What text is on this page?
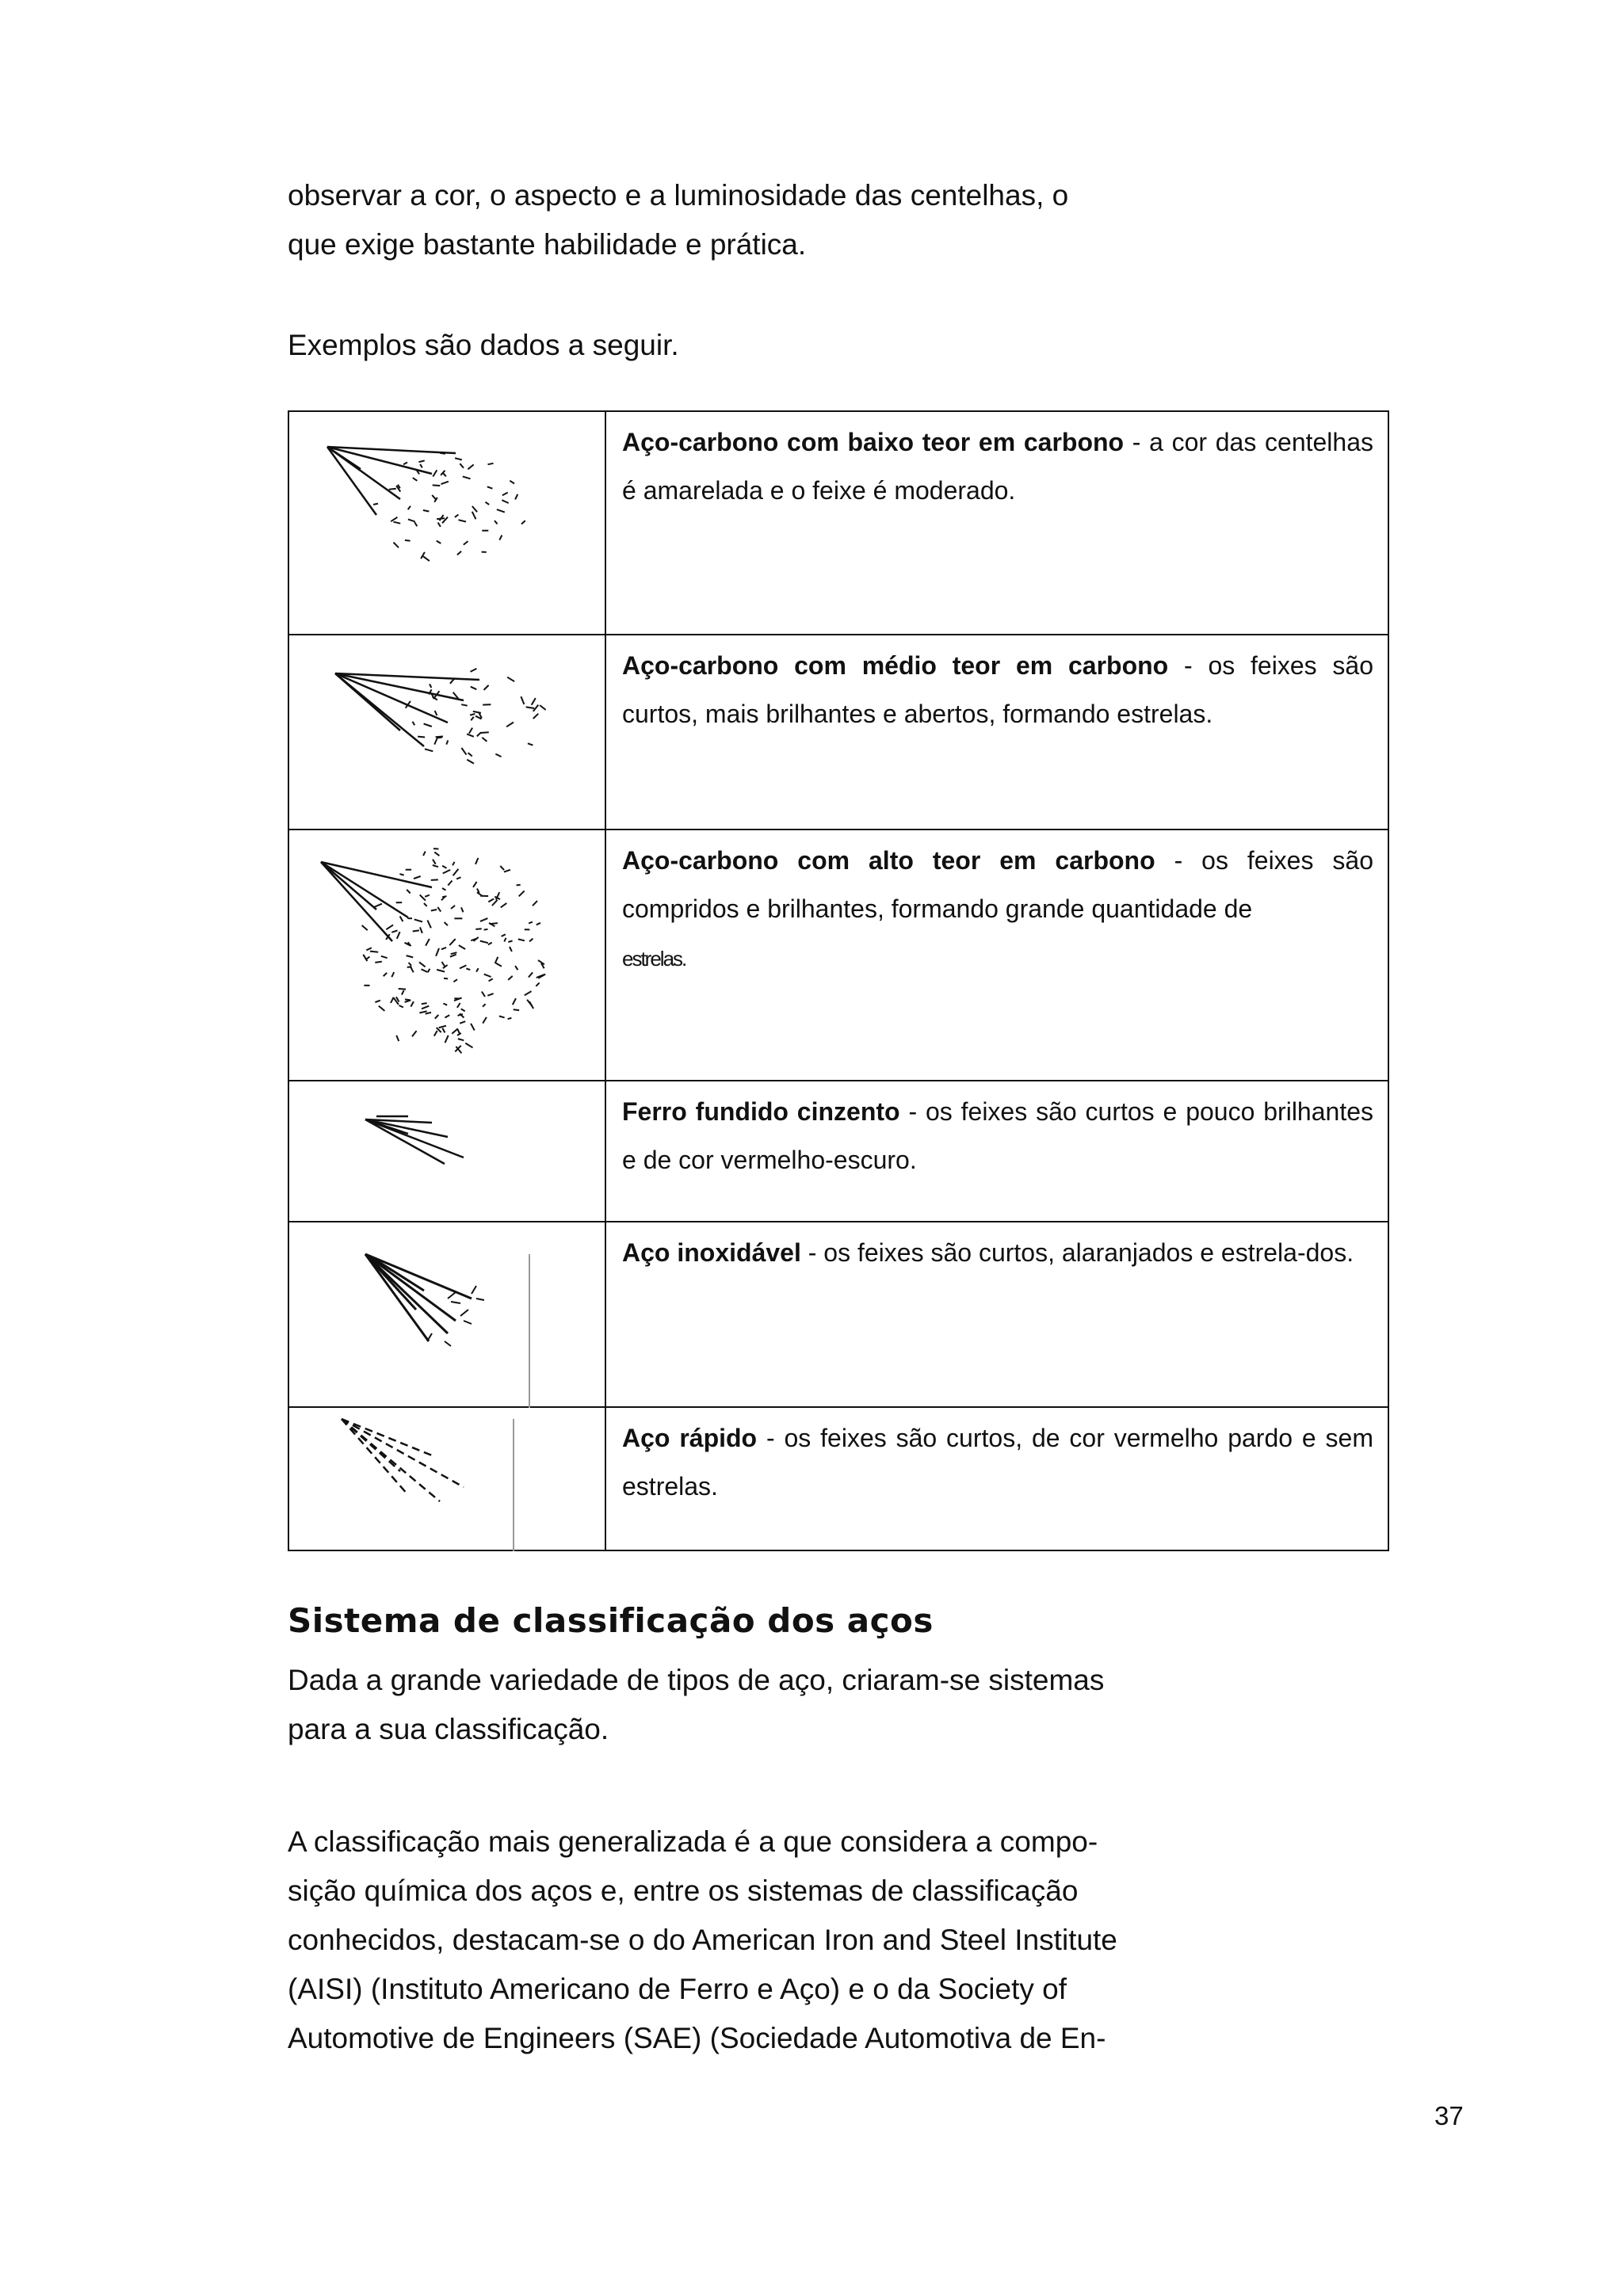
observar a cor, o aspecto e a luminosidade das centelhas, o
que exige bastante habilidade e prática.

Exemplos são dados a seguir.

	Aço-carbono com baixo teor em carbono - a cor das centelhas é amarelada e o feixe é moderado.

	Aço-carbono com médio teor em carbono - os feixes são curtos, mais brilhantes e abertos, formando estrelas.

	Aço-carbono com alto teor em carbono - os feixes são compridos e brilhantes, formando grande quantidade de
estrelas.

	Ferro fundido cinzento - os feixes são curtos e pouco brilhantes e de cor vermelho-escuro.

	Aço inoxidável - os feixes são curtos, alaranjados e estrela-dos.

	Aço rápido - os feixes são curtos, de cor vermelho pardo e sem estrelas.
Sistema de classificação dos aços

Dada a grande variedade de tipos de aço, criaram-se sistemas
para a sua classificação.

A classificação mais generalizada é a que considera a compo-
sição química dos aços e, entre os sistemas de classificação
conhecidos, destacam-se o do American Iron and Steel Institute
(AISI) (Instituto Americano de Ferro e Aço) e o da Society of
Automotive de Engineers (SAE) (Sociedade Automotiva de En-

37
